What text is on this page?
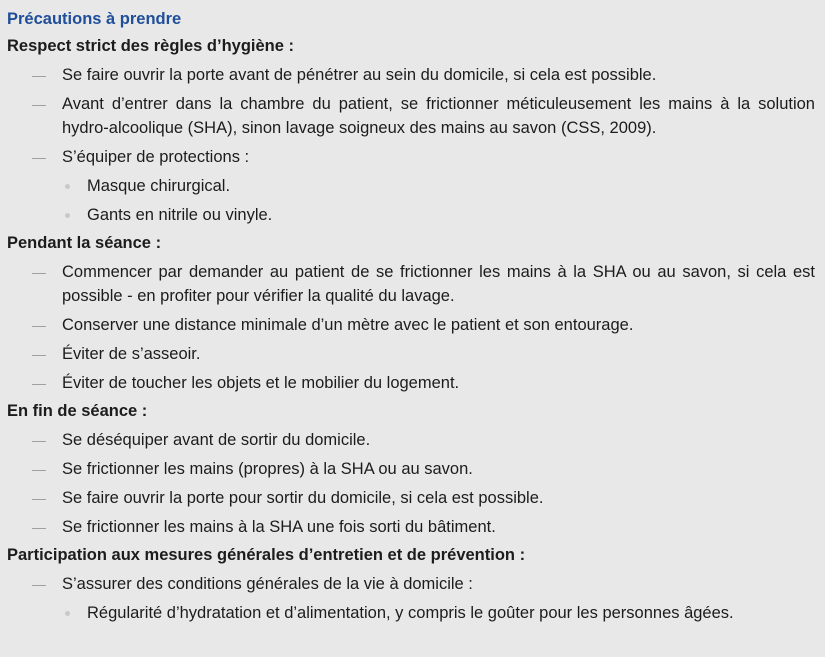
Précautions à prendre
Respect strict des règles d’hygiène :
— Se faire ouvrir la porte avant de pénétrer au sein du domicile, si cela est possible.
— Avant d’entrer dans la chambre du patient, se frictionner méticuleusement les mains à la solution hydro-alcoolique (SHA), sinon lavage soigneux des mains au savon (CSS, 2009).
— S’équiper de protections :
Masque chirurgical.
Gants en nitrile ou vinyle.
Pendant la séance :
— Commencer par demander au patient de se frictionner les mains à la SHA ou au savon, si cela est possible - en profiter pour vérifier la qualité du lavage.
— Conserver une distance minimale d’un mètre avec le patient et son entourage.
— Éviter de s’asseoir.
— Éviter de toucher les objets et le mobilier du logement.
En fin de séance :
— Se déséquiper avant de sortir du domicile.
— Se frictionner les mains (propres) à la SHA ou au savon.
— Se faire ouvrir la porte pour sortir du domicile, si cela est possible.
— Se frictionner les mains à la SHA une fois sorti du bâtiment.
Participation aux mesures générales d’entretien et de prévention :
— S’assurer des conditions générales de la vie à domicile :
Régularité d’hydratation et d’alimentation, y compris le goûter pour les personnes âgées.
